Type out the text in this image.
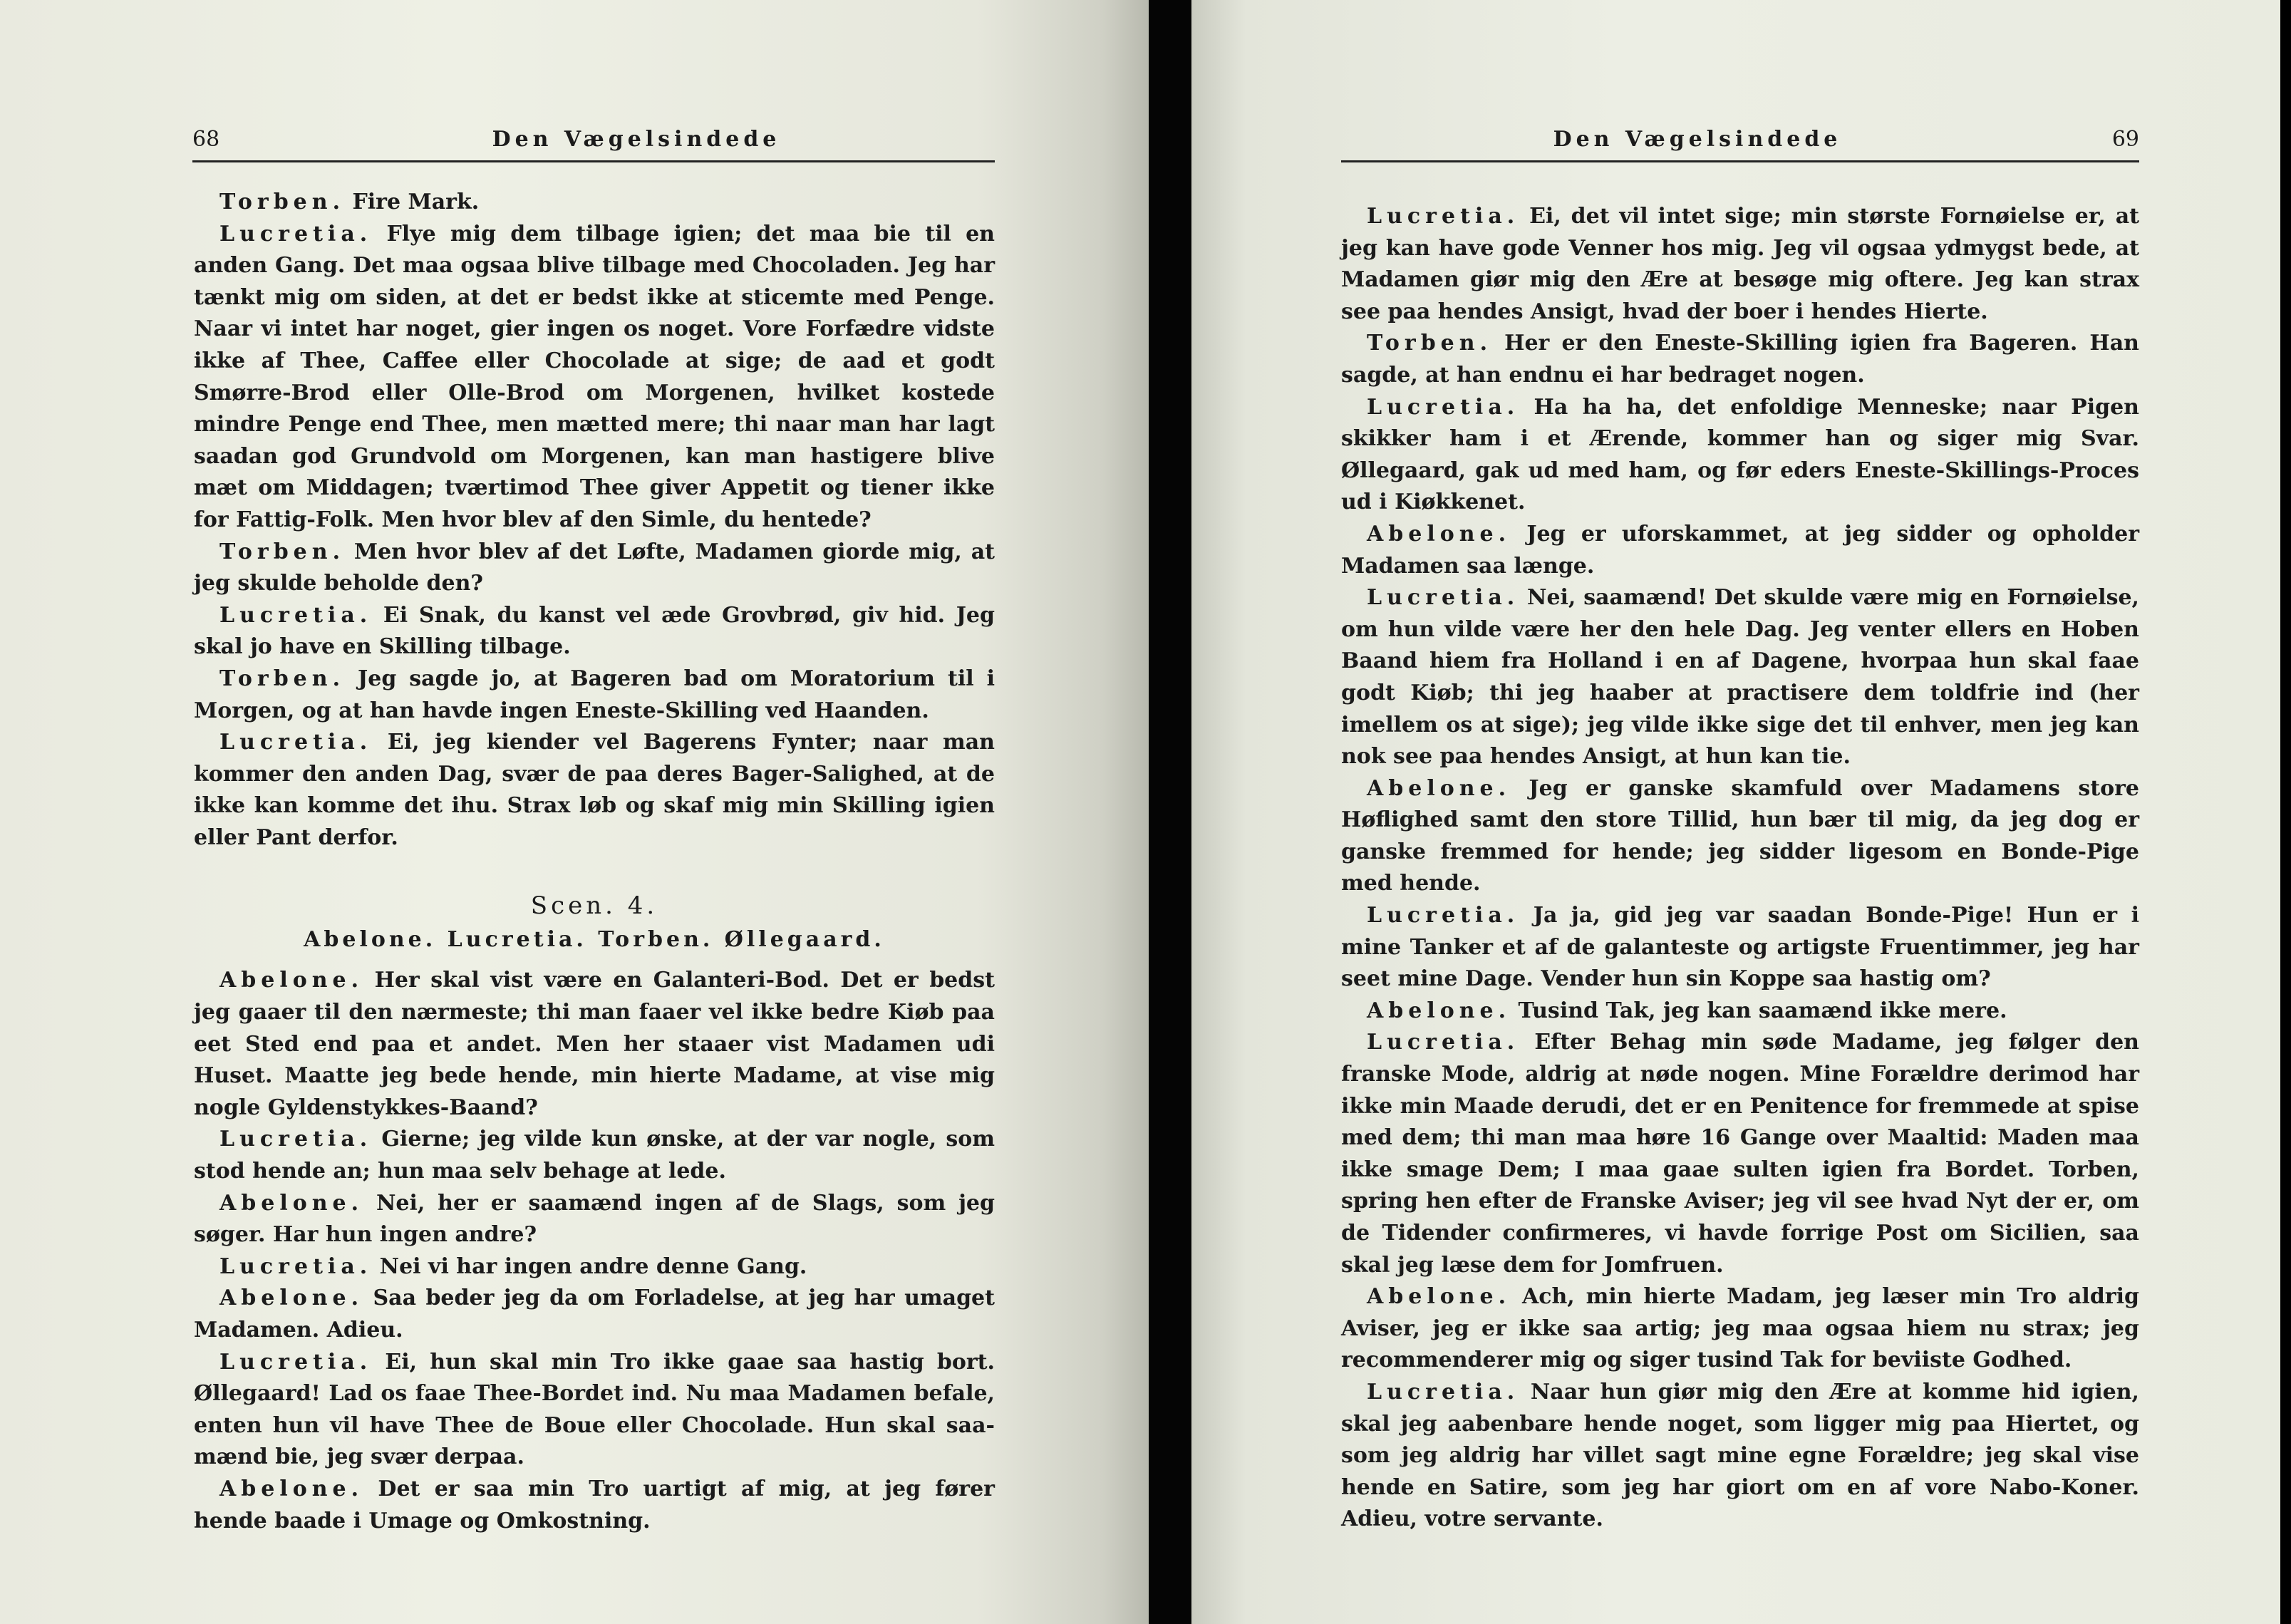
68	Den Vægelsindede

Torben. Fire Mark.

Lucretia. Flye mig dem tilbage igien; det maa bie til en anden Gang. Det maa ogsaa blive tilbage med Chocoladen. Jeg har tænkt mig om siden, at det er bedst ikke at sticemte med Penge. Naar vi intet har noget, gier ingen os noget. Vore Forfædre vidste ikke af Thee, Caffee eller Chocolade at sige; de aad et godt Smørre-Brod eller Olle-Brod om Morgenen, hvilket kostede mindre Penge end Thee, men mætted mere; thi naar man har lagt saadan god Grundvold om Morgenen, kan man hastigere blive mæt om Middagen; tværtimod Thee giver Appetit og tiener ikke for Fattig-Folk. Men hvor blev af den Simle, du hentede?

Torben. Men hvor blev af det Løfte, Madamen giorde mig, at jeg skulde beholde den?

Lucretia. Ei Snak, du kanst vel æde Grovbrød, giv hid. Jeg skal jo have en Skilling tilbage.

Torben. Jeg sagde jo, at Bageren bad om Moratorium til i Morgen, og at han havde ingen Eneste-Skilling ved Haanden.

Lucretia. Ei, jeg kiender vel Bagerens Fynter; naar man kommer den anden Dag, svær de paa deres Bager-Salighed, at de ikke kan komme det ihu. Strax løb og skaf mig min Skilling igien eller Pant derfor.

Scen. 4.

Abelone. Lucretia. Torben. Øllegaard.

Abelone. Her skal vist være en Galanteri-Bod. Det er bedst jeg gaaer til den nærmeste; thi man faaer vel ikke bedre Kiøb paa eet Sted end paa et andet. Men her staaer vist Madamen udi Huset. Maatte jeg bede hende, min hierte Madame, at vise mig nogle Gyldenstykkes-Baand?

Lucretia. Gierne; jeg vilde kun ønske, at der var nogle, som stod hende an; hun maa selv behage at lede.

Abelone. Nei, her er saamænd ingen af de Slags, som jeg søger. Har hun ingen andre?

Lucretia. Nei vi har ingen andre denne Gang.

Abelone. Saa beder jeg da om Forladelse, at jeg har umaget Madamen. Adieu.

Lucretia. Ei, hun skal min Tro ikke gaae saa hastig bort. Øllegaard! Lad os faae Thee-Bordet ind. Nu maa Madamen befale, enten hun vil have Thee de Boue eller Chocolade. Hun skal saa-mænd bie, jeg svær derpaa.

Abelone. Det er saa min Tro uartigt af mig, at jeg fører hende baade i Umage og Omkostning.

Den Vægelsindede	69

Lucretia. Ei, det vil intet sige; min største Fornøielse er, at jeg kan have gode Venner hos mig. Jeg vil ogsaa ydmygst bede, at Madamen giør mig den Ære at besøge mig oftere. Jeg kan strax see paa hendes Ansigt, hvad der boer i hendes Hierte.

Torben. Her er den Eneste-Skilling igien fra Bageren. Han sagde, at han endnu ei har bedraget nogen.

Lucretia. Ha ha ha, det enfoldige Menneske; naar Pigen skikker ham i et Ærende, kommer han og siger mig Svar. Øllegaard, gak ud med ham, og før eders Eneste-Skillings-Proces ud i Kiøkkenet.

Abelone. Jeg er uforskammet, at jeg sidder og opholder Madamen saa længe.

Lucretia. Nei, saamænd! Det skulde være mig en Fornøielse, om hun vilde være her den hele Dag. Jeg venter ellers en Hoben Baand hiem fra Holland i en af Dagene, hvorpaa hun skal faae godt Kiøb; thi jeg haaber at practisere dem toldfrie ind (her imellem os at sige); jeg vilde ikke sige det til enhver, men jeg kan nok see paa hendes Ansigt, at hun kan tie.

Abelone. Jeg er ganske skamfuld over Madamens store Høflighed samt den store Tillid, hun bær til mig, da jeg dog er ganske fremmed for hende; jeg sidder ligesom en Bonde-Pige med hende.

Lucretia. Ja ja, gid jeg var saadan Bonde-Pige! Hun er i mine Tanker et af de galanteste og artigste Fruentimmer, jeg har seet mine Dage. Vender hun sin Koppe saa hastig om?

Abelone. Tusind Tak, jeg kan saamænd ikke mere.

Lucretia. Efter Behag min søde Madame, jeg følger den franske Mode, aldrig at nøde nogen. Mine Forældre derimod har ikke min Maade derudi, det er en Penitence for fremmede at spise med dem; thi man maa høre 16 Gange over Maaltid: Maden maa ikke smage Dem; I maa gaae sulten igien fra Bordet. Torben, spring hen efter de Franske Aviser; jeg vil see hvad Nyt der er, om de Tidender confirmeres, vi havde forrige Post om Sicilien, saa skal jeg læse dem for Jomfruen.

Abelone. Ach, min hierte Madam, jeg læser min Tro aldrig Aviser, jeg er ikke saa artig; jeg maa ogsaa hiem nu strax; jeg recommenderer mig og siger tusind Tak for beviiste Godhed.

Lucretia. Naar hun giør mig den Ære at komme hid igien, skal jeg aabenbare hende noget, som ligger mig paa Hiertet, og som jeg aldrig har villet sagt mine egne Forældre; jeg skal vise hende en Satire, som jeg har giort om en af vore Nabo-Koner. Adieu, votre servante.
